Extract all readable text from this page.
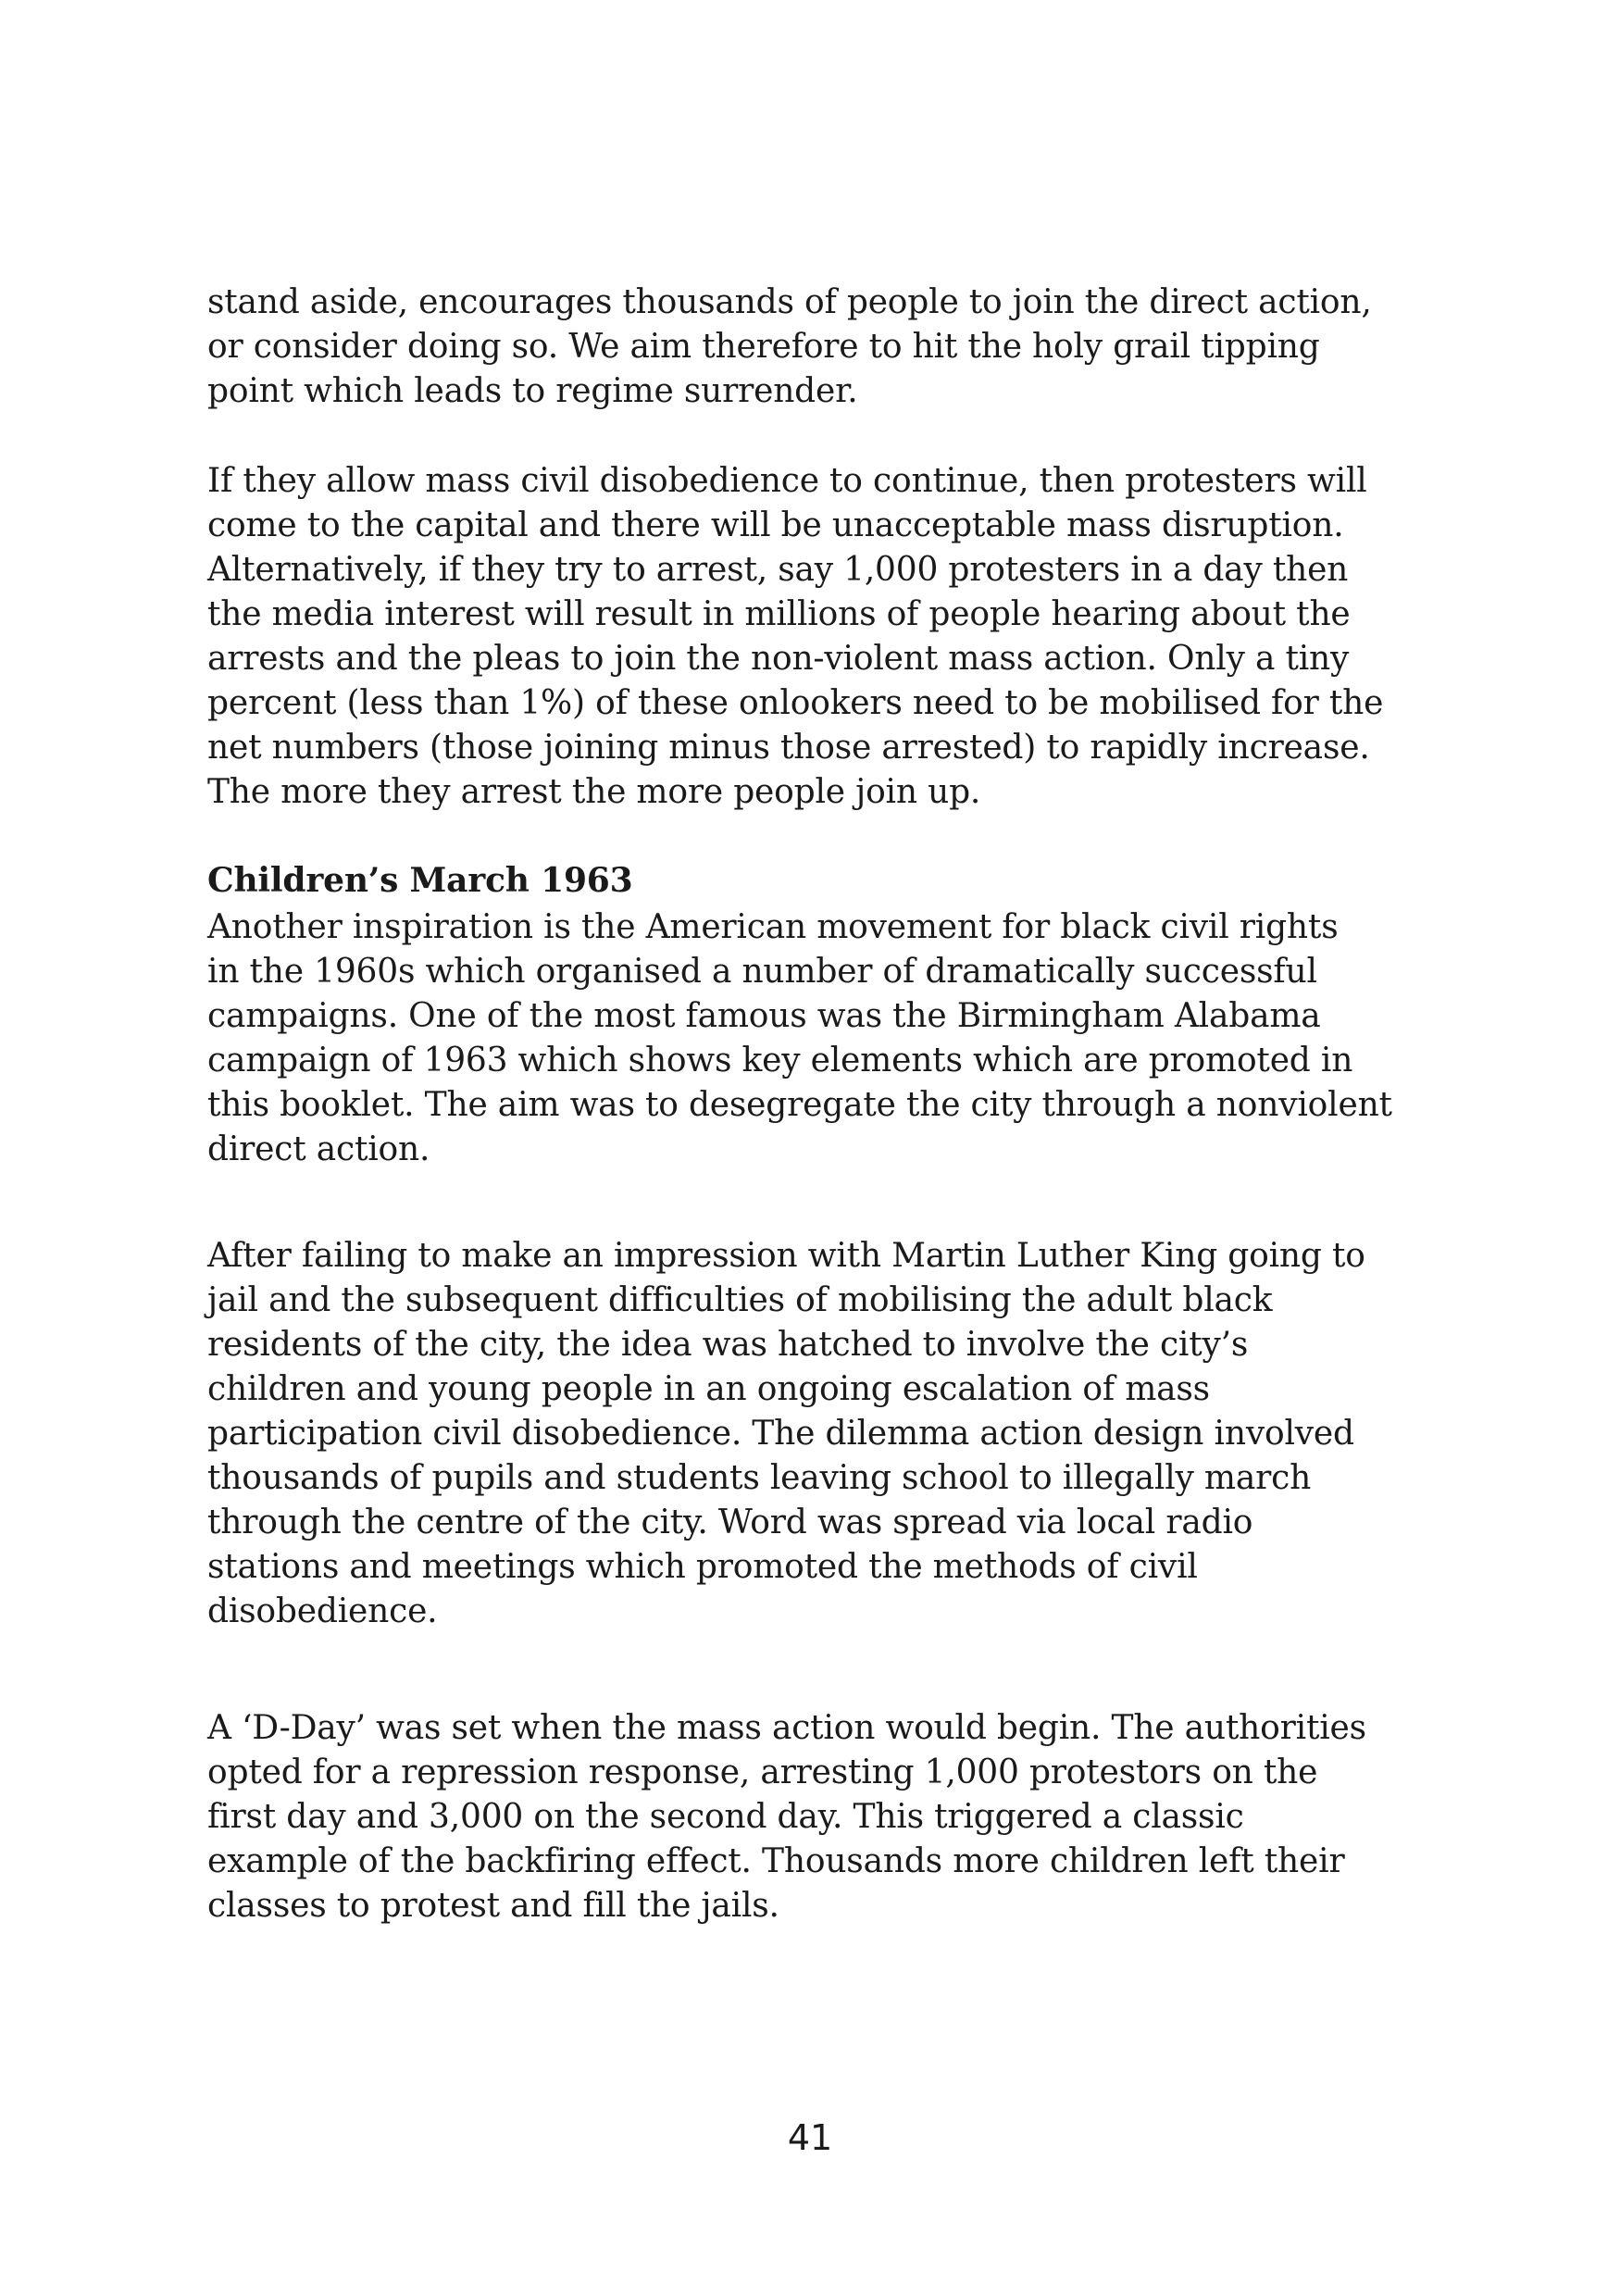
stand aside, encourages thousands of people to join the direct action,
or consider doing so. We aim therefore to hit the holy grail tipping
point which leads to regime surrender.
If they allow mass civil disobedience to continue, then protesters will
come to the capital and there will be unacceptable mass disruption.
Alternatively, if they try to arrest, say 1,000 protesters in a day then
the media interest will result in millions of people hearing about the
arrests and the pleas to join the non-violent mass action. Only a tiny
percent (less than 1%) of these onlookers need to be mobilised for the
net numbers (those joining minus those arrested) to rapidly increase.
The more they arrest the more people join up.
Children’s March 1963
Another inspiration is the American movement for black civil rights
in the 1960s which organised a number of dramatically successful
campaigns. One of the most famous was the Birmingham Alabama
campaign of 1963 which shows key elements which are promoted in
this booklet. The aim was to desegregate the city through a nonviolent
direct action.
After failing to make an impression with Martin Luther King going to
jail and the subsequent difficulties of mobilising the adult black
residents of the city, the idea was hatched to involve the city’s
children and young people in an ongoing escalation of mass
participation civil disobedience. The dilemma action design involved
thousands of pupils and students leaving school to illegally march
through the centre of the city. Word was spread via local radio
stations and meetings which promoted the methods of civil
disobedience.
A ‘D-Day’ was set when the mass action would begin. The authorities
opted for a repression response, arresting 1,000 protestors on the
first day and 3,000 on the second day. This triggered a classic
example of the backfiring effect. Thousands more children left their
classes to protest and fill the jails.
41
